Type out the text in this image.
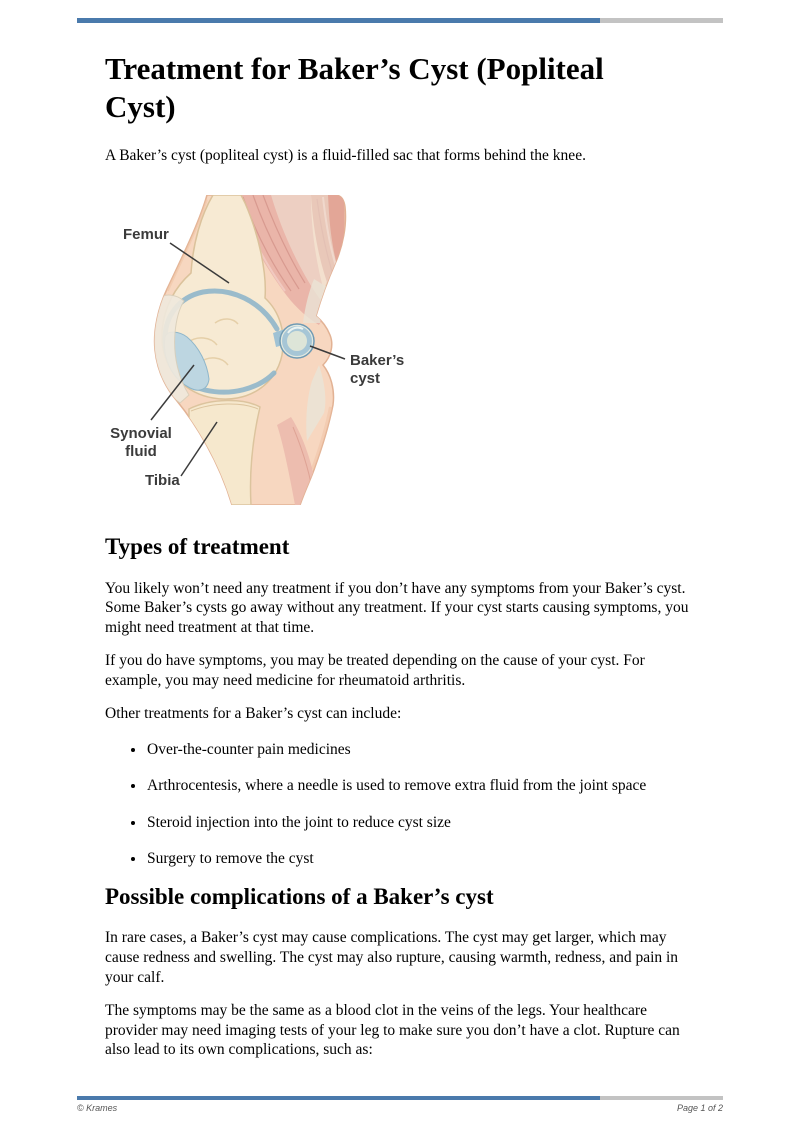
Treatment for Baker’s Cyst (Popliteal Cyst)

A Baker’s cyst (popliteal cyst) is a fluid-filled sac that forms behind the knee.

Femur
Baker’s
cyst
Synovial
fluid
Tibia
Types of treatment

You likely won’t need any treatment if you don’t have any symptoms from your Baker’s cyst. Some Baker’s cysts go away without any treatment. If your cyst starts causing symptoms, you might need treatment at that time.

If you do have symptoms, you may be treated depending on the cause of your cyst. For example, you may need medicine for rheumatoid arthritis.

Other treatments for a Baker’s cyst can include:

• Over-the-counter pain medicines
• Arthrocentesis, where a needle is used to remove extra fluid from the joint space
• Steroid injection into the joint to reduce cyst size
• Surgery to remove the cyst
Possible complications of a Baker’s cyst

In rare cases, a Baker’s cyst may cause complications. The cyst may get larger, which may cause redness and swelling. The cyst may also rupture, causing warmth, redness, and pain in your calf.

The symptoms may be the same as a blood clot in the veins of the legs. Your healthcare provider may need imaging tests of your leg to make sure you don’t have a clot. Rupture can also lead to its own complications, such as:

© Krames	Page 1 of 2
